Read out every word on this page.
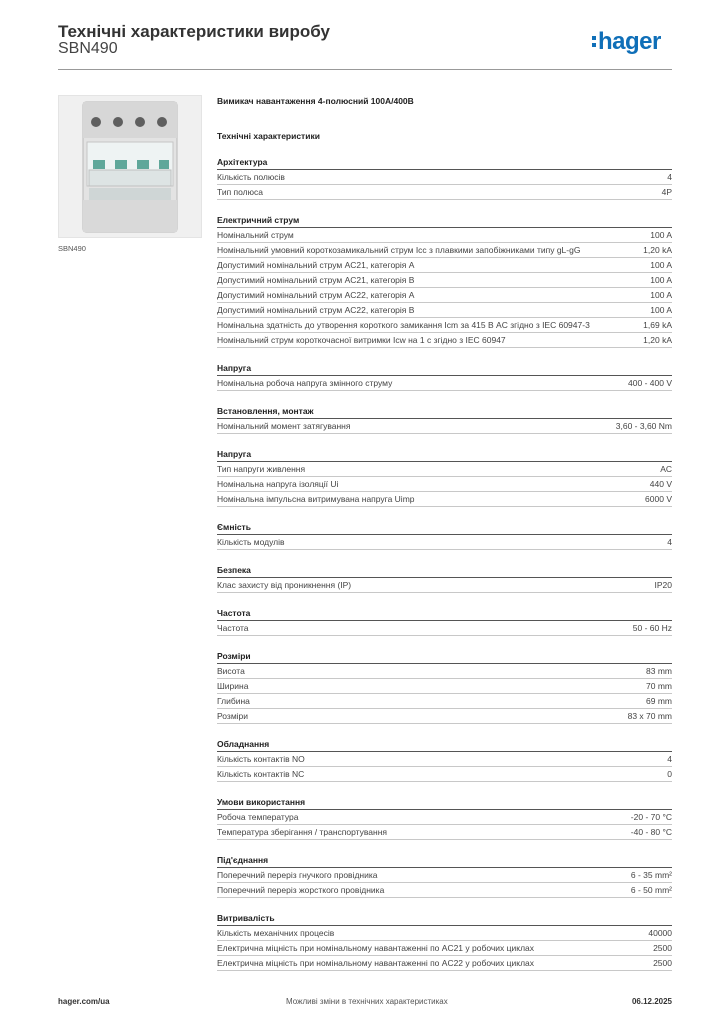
Технічні характеристики виробу
SBN490	hager
SBN490
Вимикач навантаження 4-полюсний 100А/400В
Технічні характеристики
Архітектура
Кількість полюсів	4
Тип полюса	4P
Електричний струм
Номінальний струм	100 A
Номінальний умовний короткозамикальний струм Icc з плавкими запобіжниками типу gL-gG	1,20 kA
Допустимий номінальний струм AC21, категорія A	100 A
Допустимий номінальний струм AC21, категорія B	100 A
Допустимий номінальний струм AC22, категорія A	100 A
Допустимий номінальний струм AC22, категорія B	100 A
Номінальна здатність до утворення короткого замикання Icm за 415 В AC згідно з IEC 60947-3	1,69 kA
Номінальний струм короткочасної витримки Icw на 1 с згідно з IEC 60947	1,20 kA
Напруга
Номінальна робоча напруга змінного струму	400 - 400 V
Встановлення, монтаж
Номінальний момент затягування	3,60 - 3,60 Nm
Напруга
Тип напруги живлення	AC
Номінальна напруга ізоляції Ui	440 V
Номінальна імпульсна витримувана напруга Uimp	6000 V
Ємність
Кількість модулів	4
Безпека
Клас захисту від проникнення (IP)	IP20
Частота
Частота	50 - 60 Hz
Розміри
Висота	83 mm
Ширина	70 mm
Глибина	69 mm
Розміри	83 x 70 mm
Обладнання
Кількість контактів NO	4
Кількість контактів NC	0
Умови використання
Робоча температура	-20 - 70 °C
Температура зберігання / транспортування	-40 - 80 °C
Під'єднання
Поперечний переріз гнучкого провідника	6 - 35 mm²
Поперечний переріз жорсткого провідника	6 - 50 mm²
Витривалість
Кількість механічних процесів	40000
Електрична міцність при номінальному навантаженні по AC21 у робочих циклах	2500
Електрична міцність при номінальному навантаженні по AC22 у робочих циклах	2500
hager.com/ua	Можливі зміни в технічних характеристиках	06.12.2025
